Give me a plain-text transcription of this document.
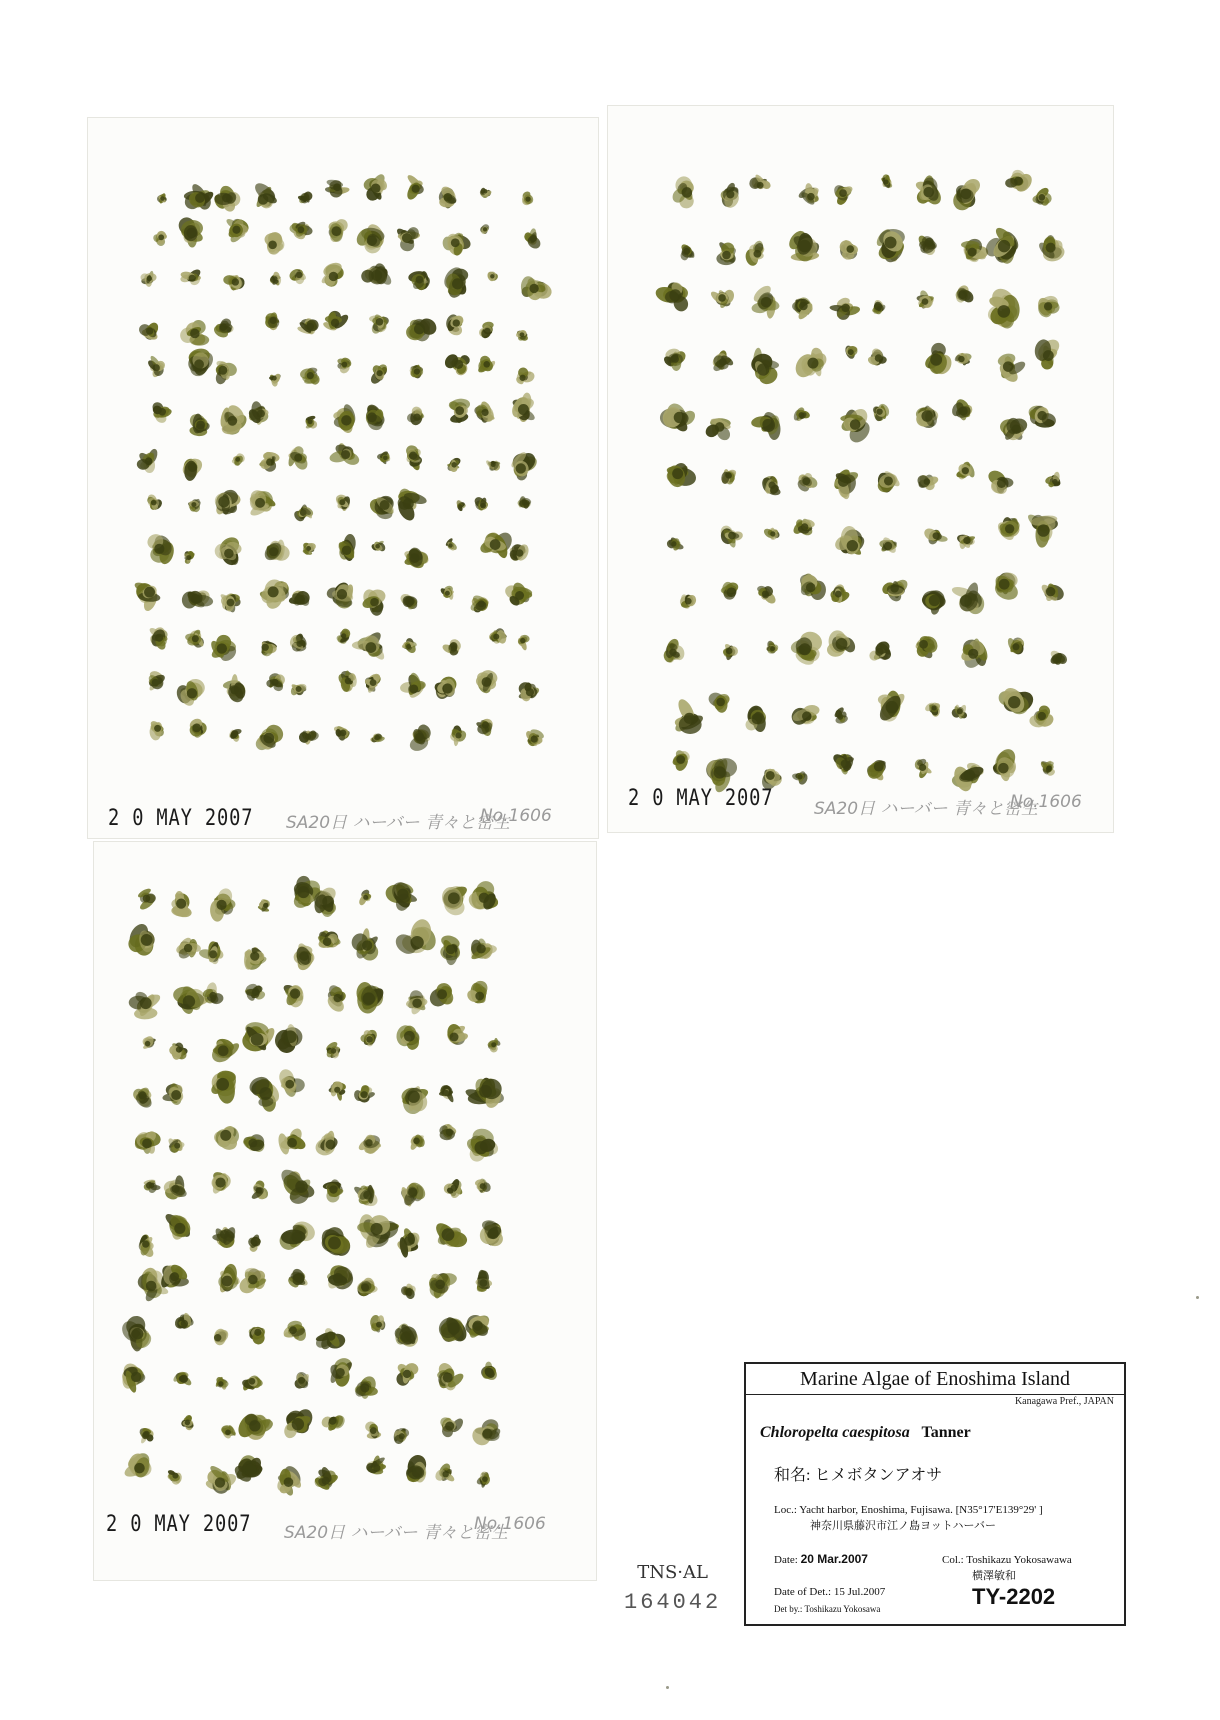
2 0 MAY 2007 SA20日 ハーバー 青々と密生
No.1606
2 0 MAY 2007 SA20日 ハーバー 青々と密生
No.1606
2 0 MAY 2007 SA20日 ハーバー 青々と密生
No.1606
Marine Algae of Enoshima Island
Kanagawa Pref., JAPAN
Chloropelta caespitosa Tanner
和名: ヒメボタンアオサ
Loc.: Yacht harbor, Enoshima, Fujisawa. [N35°17'E139°29' ]
神奈川県藤沢市江ノ島ヨットハーバー
Date: 20 Mar.2007	Col.: Toshikazu Yokosawawa
横澤敏和
Date of Det.: 15 Jul.2007
Det by.: Toshikazu Yokosawa	TY-2202
TNS·AL
164042
